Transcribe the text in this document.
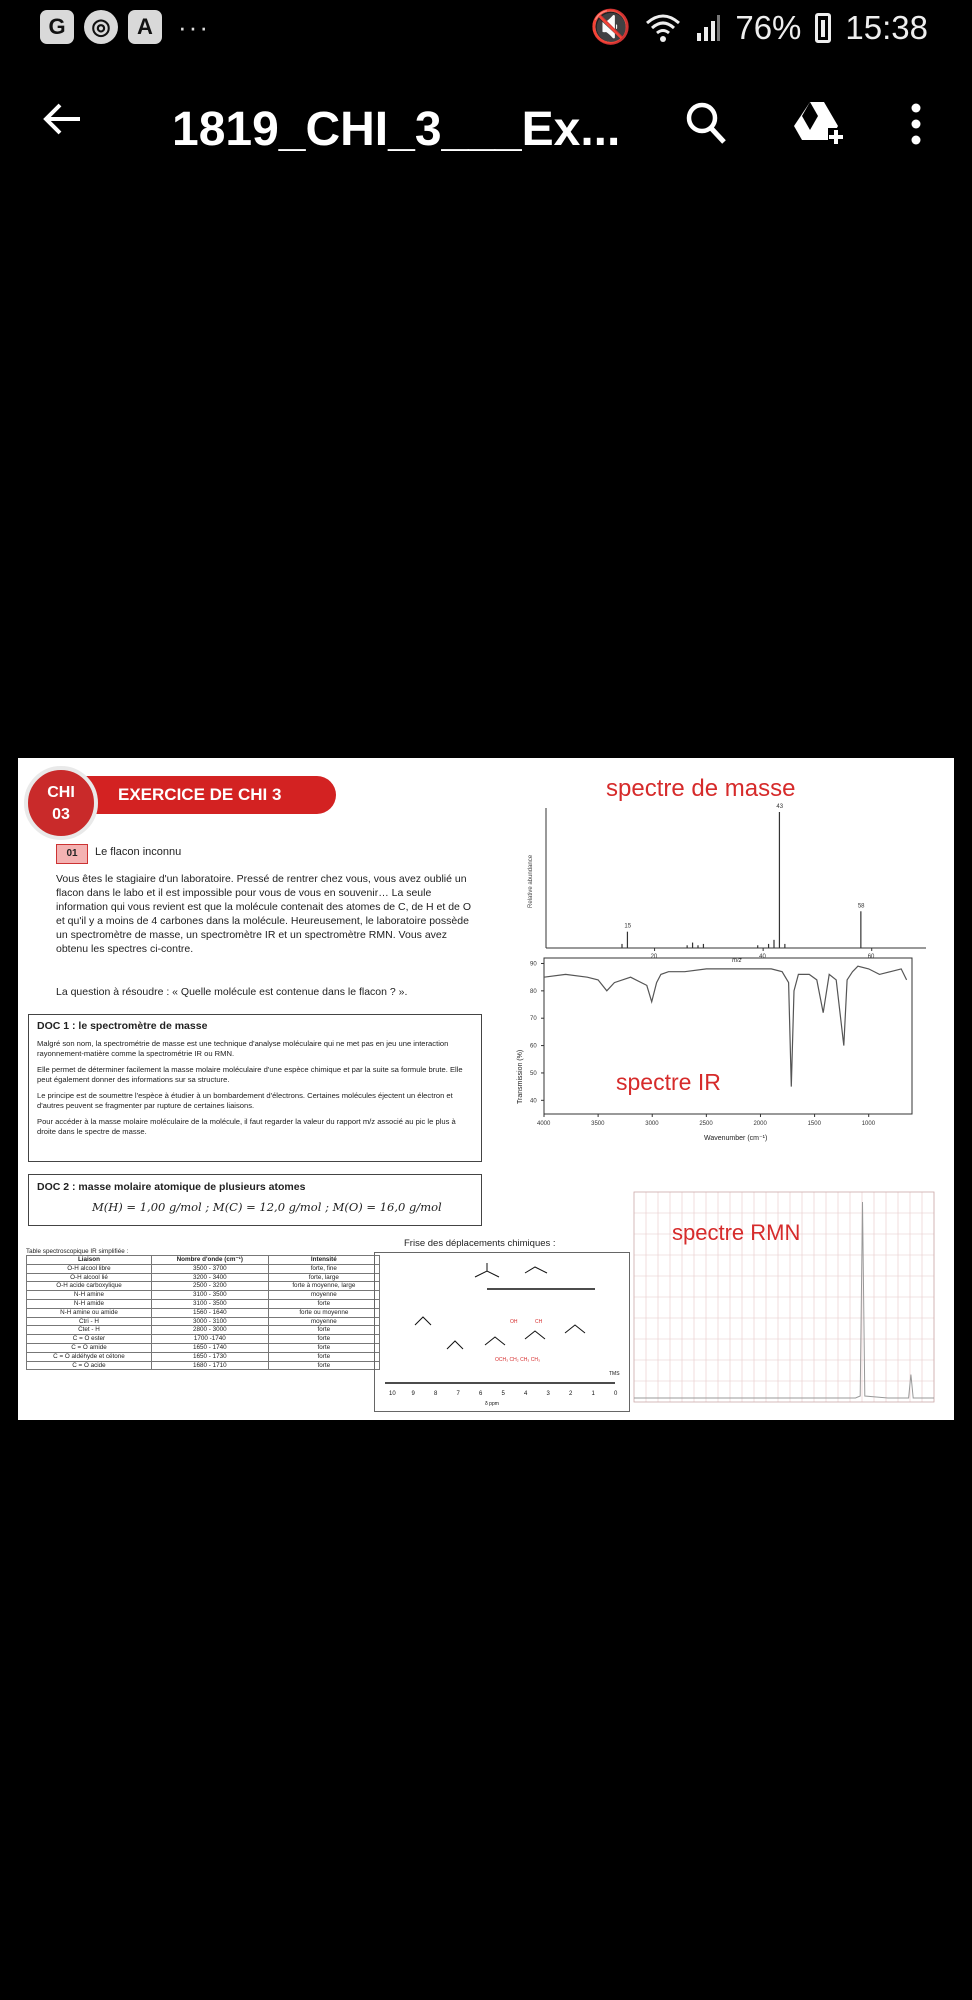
G	◎	A ···	🔇	76% 15:38
1819_CHI_3___Ex...
EXERCICE DE CHI 3
CHI
03
01	Le flacon inconnu
Vous êtes le stagiaire d'un laboratoire. Pressé de rentrer chez vous, vous avez oublié un flacon dans le labo et il est impossible pour vous de vous en souvenir… La seule information qui vous revient est que la molécule contenait des atomes de C, de H et de O et qu'il y a moins de 4 carbones dans la molécule. Heureusement, le laboratoire possède un spectromètre de masse, un spectromètre IR et un spectromètre RMN. Vous avez obtenu les spectres ci-contre.
La question à résoudre : « Quelle molécule est contenue dans le flacon ? ».
DOC 1 : le spectromètre de masse

Malgré son nom, la spectrométrie de masse est une technique d'analyse moléculaire qui ne met pas en jeu une interaction rayonnement-matière comme la spectrométrie IR ou RMN.

Elle permet de déterminer facilement la masse molaire moléculaire d'une espèce chimique et par la suite sa formule brute. Elle peut également donner des informations sur sa structure.

Le principe est de soumettre l'espèce à étudier à un bombardement d'électrons. Certaines molécules éjectent un électron et d'autres peuvent se fragmenter par rupture de certaines liaisons.

Pour accéder à la masse molaire moléculaire de la molécule, il faut regarder la valeur du rapport m/z associé au pic le plus à droite dans le spectre de masse.

DOC 2 : masse molaire atomique de plusieurs atomes
M(H) = 1,00 g/mol ; M(C) = 12,0 g/mol ; M(O) = 16,0 g/mol
Table spectroscopique IR simplifiée :
Liaison	Nombre d'onde (cm⁻¹)	Intensité
O-H alcool libre	3500 - 3700	forte, fine
O-H alcool lié	3200 - 3400	forte, large
O-H acide carboxylique	2500 - 3200	forte à moyenne, large
N-H amine	3100 - 3500	moyenne
N-H amide	3100 - 3500	forte
N-H amine ou amide	1560 - 1640	forte ou moyenne
Ctri - H	3000 - 3100	moyenne
Ctet - H	2800 - 3000	forte
C = O ester	1700 -1740	forte
C = O amide	1650 - 1740	forte
C = O aldéhyde et cétone	1650 - 1730	forte
C = O acide	1680 - 1710	forte
Frise des déplacements chimiques :
OH	CH
OCH₃ CH₂ CH₃ CH₃
10	9	8	7	6	5	4	3	2	1	0
δ ppm
TMS
spectre de masse
Relative abundance
20	40	60
15
43
58
m/z
Transmission (%)
90
80
70
60
50
40
4000	3500	3000	2500	2000	1500	1000
Wavenumber (cm⁻¹)
spectre IR
spectre RMN
